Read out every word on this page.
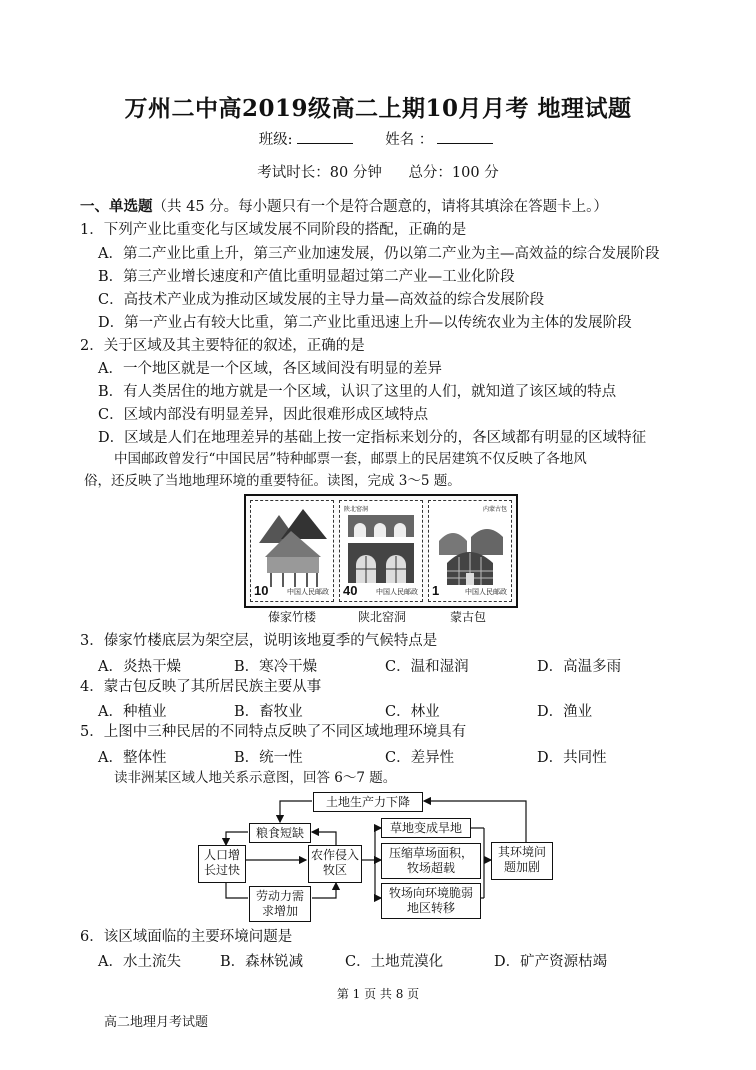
万州二中高2019级高二上期10月月考 地理试题
班级:	姓名 ：
考试时长：80 分钟 总分：100 分
一、单选题（共 45 分。每小题只有一个是符合题意的，请将其填涂在答题卡上。）
1．下列产业比重变化与区域发展不同阶段的搭配，正确的是
A．第二产业比重上升，第三产业加速发展，仍以第二产业为主—高效益的综合发展阶段
B．第三产业增长速度和产值比重明显超过第二产业—工业化阶段
C．高技术产业成为推动区域发展的主导力量—高效益的综合发展阶段
D．第一产业占有较大比重，第二产业比重迅速上升—以传统农业为主体的发展阶段
2．关于区域及其主要特征的叙述，正确的是
A．一个地区就是一个区域，各区域间没有明显的差异
B．有人类居住的地方就是一个区域，认识了这里的人们，就知道了该区域的特点
C．区域内部没有明显差异，因此很难形成区域特点
D．区域是人们在地理差异的基础上按一定指标来划分的，各区域都有明显的区域特征
中国邮政曾发行“中国民居”特种邮票一套，邮票上的民居建筑不仅反映了各地风
俗，还反映了当地地理环境的重要特征。读图，完成 3～5 题。
10	中国人民邮政
陕北窑洞
40	中国人民邮政
内蒙古包
1	中国人民邮政
傣家竹楼	陕北窑洞	蒙古包
3．傣家竹楼底层为架空层，说明该地夏季的气候特点是
A．炎热干燥	B．寒冷干燥	C．温和湿润	D．高温多雨
4．蒙古包反映了其所居民族主要从事
A．种植业	B．畜牧业	C．林业	D．渔业
5．上图中三种民居的不同特点反映了不同区域地理环境具有
A．整体性	B．统一性	C．差异性	D．共同性
读非洲某区域人地关系示意图，回答 6～7 题。
土地生产力下降
粮食短缺
人口增长过快
农作侵入牧区
劳动力需求增加
草地变成旱地
压缩草场面积，牧场超载
牧场向环境脆弱地区转移
其环境问题加剧
6．该区域面临的主要环境问题是
A．水土流失	B．森林锐减	C．土地荒漠化	D．矿产资源枯竭
第 1 页 共 8 页
高二地理月考试题
